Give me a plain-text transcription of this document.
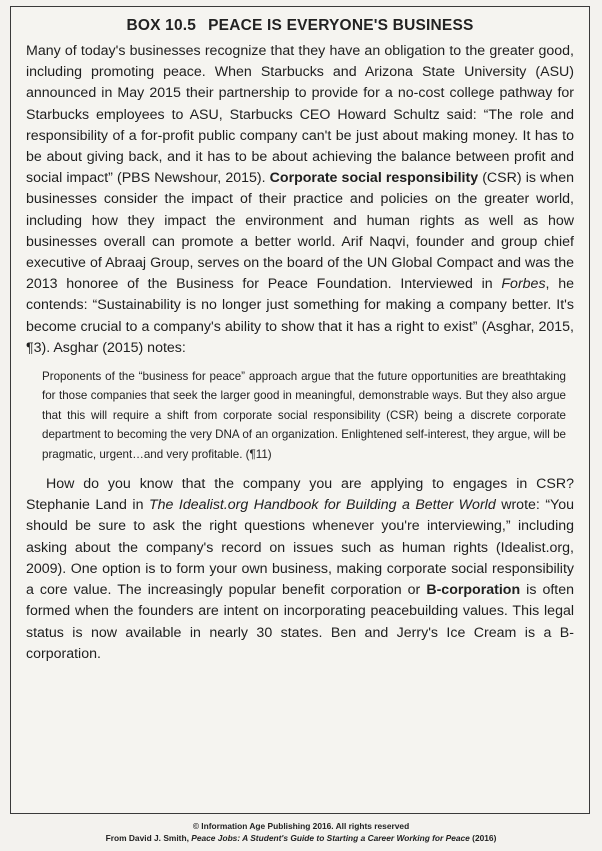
BOX 10.5 PEACE IS EVERYONE'S BUSINESS

Many of today's businesses recognize that they have an obligation to the greater good, including promoting peace. When Starbucks and Arizona State University (ASU) announced in May 2015 their partnership to provide for a no-cost college pathway for Starbucks employees to ASU, Starbucks CEO Howard Schultz said: “The role and responsibility of a for-profit public company can't be just about making money. It has to be about giving back, and it has to be about achieving the balance between profit and social impact” (PBS Newshour, 2015). Corporate social responsibility (CSR) is when businesses consider the impact of their practice and policies on the greater world, including how they impact the environment and human rights as well as how businesses overall can promote a better world. Arif Naqvi, founder and group chief executive of Abraaj Group, serves on the board of the UN Global Compact and was the 2013 honoree of the Business for Peace Foundation. Interviewed in Forbes, he contends: “Sustainability is no longer just something for making a company better. It's become crucial to a company's ability to show that it has a right to exist” (Asghar, 2015, ¶3). Asghar (2015) notes:

Proponents of the “business for peace” approach argue that the future opportunities are breathtaking for those companies that seek the larger good in meaningful, demonstrable ways. But they also argue that this will require a shift from corporate social responsibility (CSR) being a discrete corporate department to becoming the very DNA of an organization. Enlightened self-interest, they argue, will be pragmatic, urgent…and very profitable. (¶11)

How do you know that the company you are applying to engages in CSR? Stephanie Land in The Idealist.org Handbook for Building a Better World wrote: “You should be sure to ask the right questions whenever you're interviewing,” including asking about the company's record on issues such as human rights (Idealist.org, 2009). One option is to form your own business, making corporate social responsibility a core value. The increasingly popular benefit corporation or B-corporation is often formed when the founders are intent on incorporating peacebuilding values. This legal status is now available in nearly 30 states. Ben and Jerry's Ice Cream is a B-corporation.

© Information Age Publishing 2016. All rights reserved
From David J. Smith, Peace Jobs: A Student's Guide to Starting a Career Working for Peace (2016)
